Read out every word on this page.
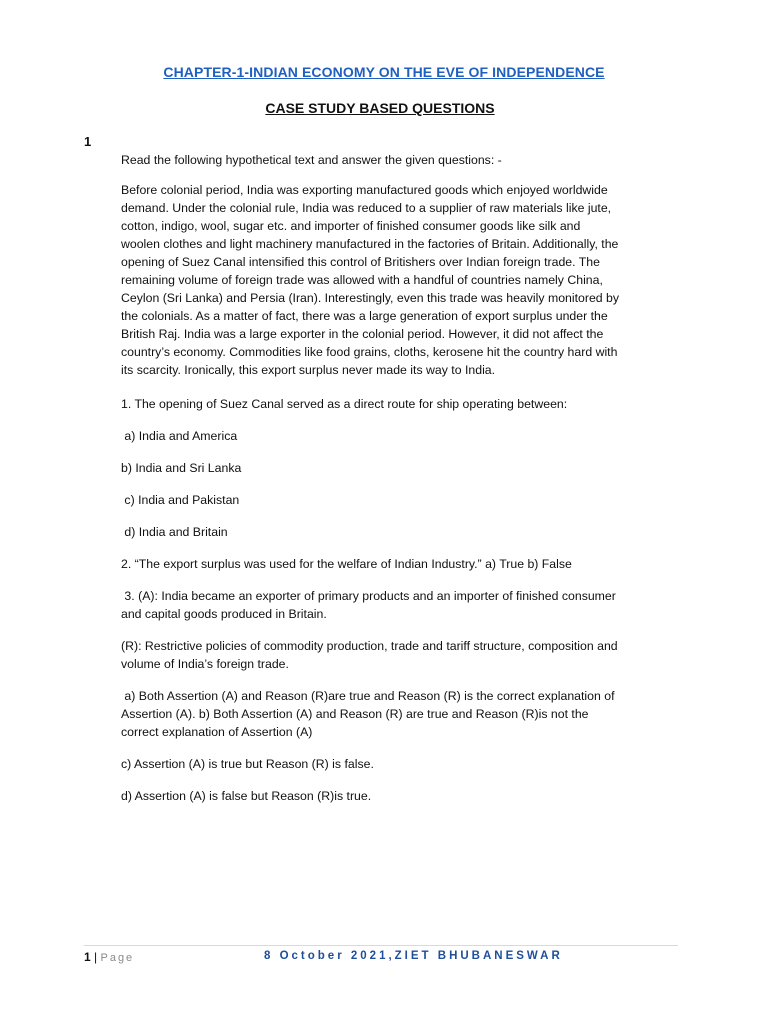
CHAPTER-1-INDIAN ECONOMY ON THE EVE OF INDEPENDENCE
CASE STUDY BASED QUESTIONS
1

Read the following hypothetical text and answer the given questions: -

Before colonial period, India was exporting manufactured goods which enjoyed worldwide demand. Under the colonial rule, India was reduced to a supplier of raw materials like jute, cotton, indigo, wool, sugar etc. and importer of finished consumer goods like silk and woolen clothes and light machinery manufactured in the factories of Britain. Additionally, the opening of Suez Canal intensified this control of Britishers over Indian foreign trade. The remaining volume of foreign trade was allowed with a handful of countries namely China, Ceylon (Sri Lanka) and Persia (Iran). Interestingly, even this trade was heavily monitored by the colonials. As a matter of fact, there was a large generation of export surplus under the British Raj. India was a large exporter in the colonial period. However, it did not affect the country’s economy. Commodities like food grains, cloths, kerosene hit the country hard with its scarcity. Ironically, this export surplus never made its way to India.

1. The opening of Suez Canal served as a direct route for ship operating between:

a) India and America

b) India and Sri Lanka

c) India and Pakistan

d) India and Britain

2. “The export surplus was used for the welfare of Indian Industry.” a) True b) False

3. (A): India became an exporter of primary products and an importer of finished consumer and capital goods produced in Britain.

(R): Restrictive policies of commodity production, trade and tariff structure, composition and volume of India’s foreign trade.

a) Both Assertion (A) and Reason (R)are true and Reason (R) is the correct explanation of Assertion (A). b) Both Assertion (A) and Reason (R) are true and Reason (R)is not the correct explanation of Assertion (A)

c) Assertion (A) is true but Reason (R) is false.

d) Assertion (A) is false but Reason (R)is true.

1 | Page	8 October 2021,ZIET BHUBANESWAR
